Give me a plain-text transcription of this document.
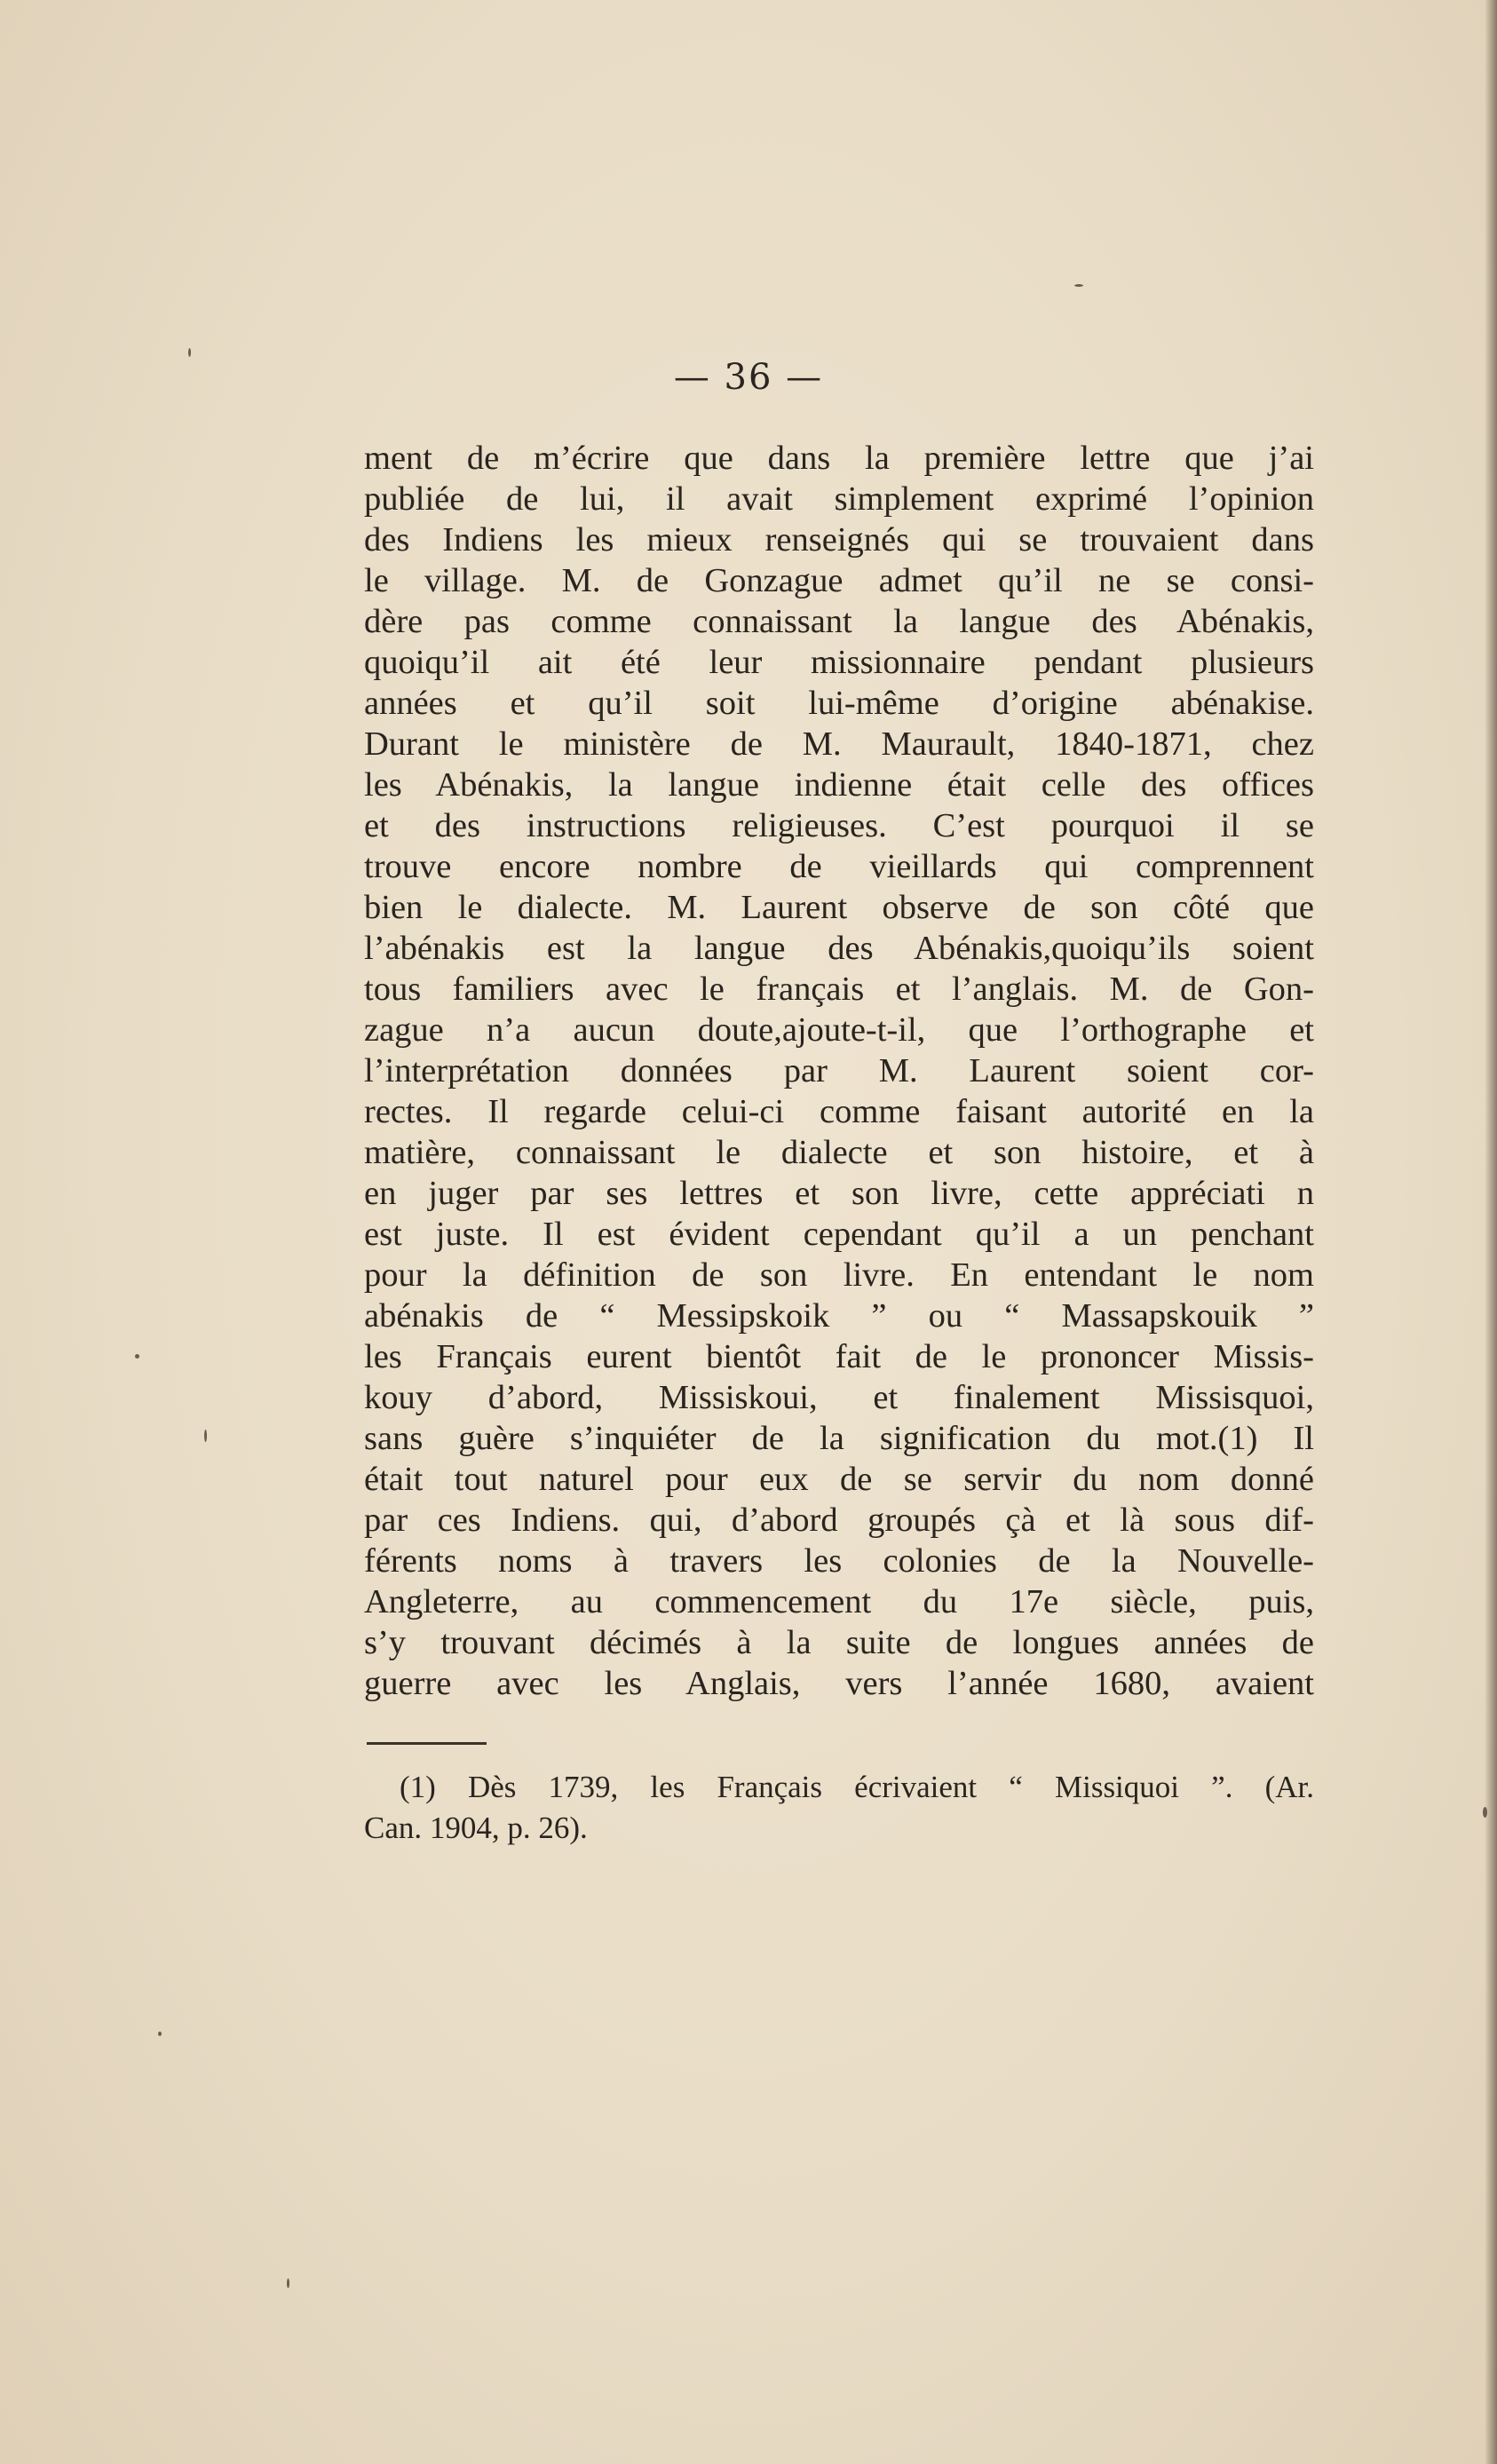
— 36 —
ment de m’écrire que dans la première lettre que j’ai
publiée de lui, il avait simplement exprimé l’opinion
des Indiens les mieux renseignés qui se trouvaient dans
le village. M. de Gonzague admet qu’il ne se consi-
dère pas comme connaissant la langue des Abénakis,
quoiqu’il ait été leur missionnaire pendant plusieurs
années et qu’il soit lui-même d’origine abénakise.
Durant le ministère de M. Maurault, 1840-1871, chez
les Abénakis, la langue indienne était celle des offices
et des instructions religieuses. C’est pourquoi il se
trouve encore nombre de vieillards qui comprennent
bien le dialecte. M. Laurent observe de son côté que
l’abénakis est la langue des Abénakis,quoiqu’ils soient
tous familiers avec le français et l’anglais. M. de Gon-
zague n’a aucun doute,ajoute-t-il, que l’orthographe et
l’interprétation données par M. Laurent soient cor-
rectes. Il regarde celui-ci comme faisant autorité en la
matière, connaissant le dialecte et son histoire, et à
en juger par ses lettres et son livre, cette appréciati n
est juste. Il est évident cependant qu’il a un penchant
pour la définition de son livre. En entendant le nom
abénakis de “ Messipskoik ” ou “ Massapskouik ”
les Français eurent bientôt fait de le prononcer Missis-
kouy d’abord, Missiskoui, et finalement Missisquoi,
sans guère s’inquiéter de la signification du mot.(1) Il
était tout naturel pour eux de se servir du nom donné
par ces Indiens. qui, d’abord groupés çà et là sous dif-
férents noms à travers les colonies de la Nouvelle-
Angleterre, au commencement du 17e siècle, puis,
s’y trouvant décimés à la suite de longues années de
guerre avec les Anglais, vers l’année 1680, avaient
(1) Dès 1739, les Français écrivaient “ Missiquoi ”. (Ar.
Can. 1904, p. 26).
